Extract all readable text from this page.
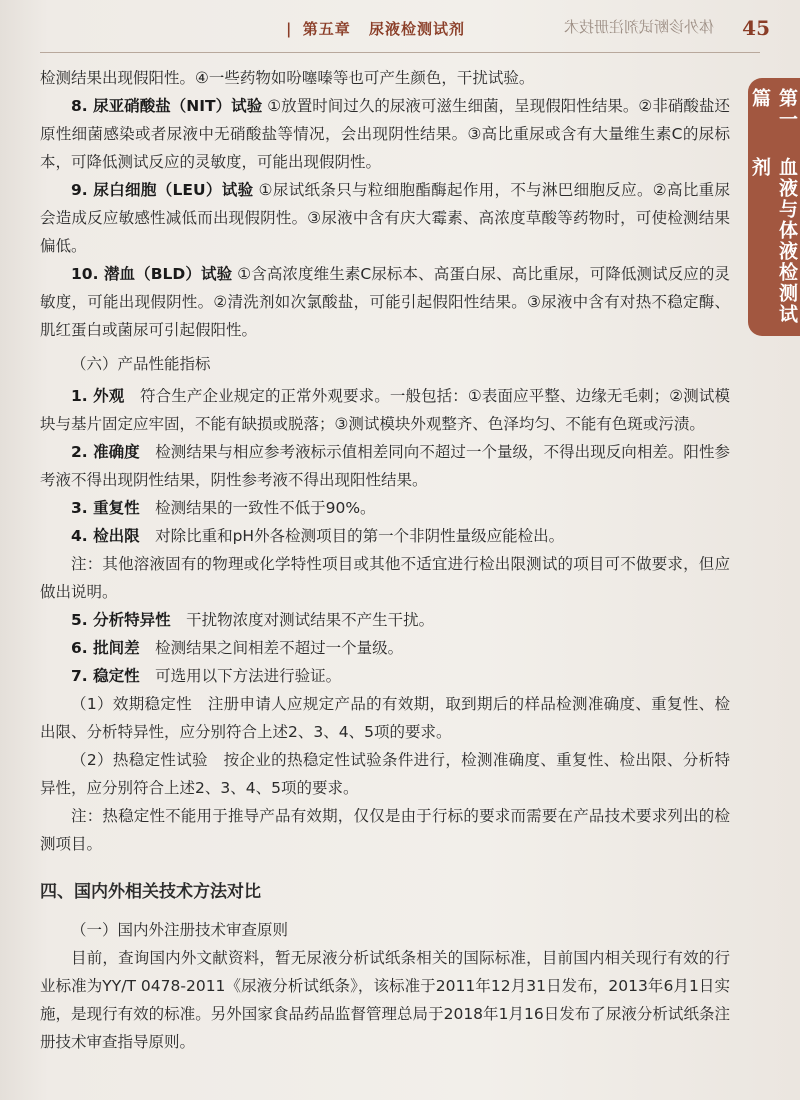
| 第五章 尿液检测试剂	体外诊断试剂注册技术 45
第一篇
血液与体液检测试剂

检测结果出现假阳性。④一些药物如吩噻嗪等也可产生颜色，干扰试验。

8. 尿亚硝酸盐（NIT）试验 ①放置时间过久的尿液可滋生细菌，呈现假阳性结果。②非硝酸盐还原性细菌感染或者尿液中无硝酸盐等情况，会出现阴性结果。③高比重尿或含有大量维生素C的尿标本，可降低测试反应的灵敏度，可能出现假阴性。

9. 尿白细胞（LEU）试验 ①尿试纸条只与粒细胞酯酶起作用，不与淋巴细胞反应。②高比重尿会造成反应敏感性减低而出现假阴性。③尿液中含有庆大霉素、高浓度草酸等药物时，可使检测结果偏低。

10. 潜血（BLD）试验 ①含高浓度维生素C尿标本、高蛋白尿、高比重尿，可降低测试反应的灵敏度，可能出现假阴性。②清洗剂如次氯酸盐，可能引起假阳性结果。③尿液中含有对热不稳定酶、肌红蛋白或菌尿可引起假阳性。

（六）产品性能指标

1. 外观　 符合生产企业规定的正常外观要求。一般包括：①表面应平整、边缘无毛刺；②测试模块与基片固定应牢固，不能有缺损或脱落；③测试模块外观整齐、色泽均匀、不能有色斑或污渍。

2. 准确度　 检测结果与相应参考液标示值相差同向不超过一个量级，不得出现反向相差。阳性参考液不得出现阴性结果，阴性参考液不得出现阳性结果。

3. 重复性　 检测结果的一致性不低于90%。

4. 检出限　 对除比重和pH外各检测项目的第一个非阴性量级应能检出。

注：其他溶液固有的物理或化学特性项目或其他不适宜进行检出限测试的项目可不做要求，但应做出说明。

5. 分析特异性　 干扰物浓度对测试结果不产生干扰。

6. 批间差　 检测结果之间相差不超过一个量级。

7. 稳定性　 可选用以下方法进行验证。

（1）效期稳定性　注册申请人应规定产品的有效期，取到期后的样品检测准确度、重复性、检出限、分析特异性，应分别符合上述2、3、4、5项的要求。

（2）热稳定性试验　按企业的热稳定性试验条件进行，检测准确度、重复性、检出限、分析特异性，应分别符合上述2、3、4、5项的要求。

注：热稳定性不能用于推导产品有效期，仅仅是由于行标的要求而需要在产品技术要求列出的检测项目。

四、国内外相关技术方法对比

（一）国内外注册技术审查原则

目前，查询国内外文献资料，暂无尿液分析试纸条相关的国际标准，目前国内相关现行有效的行业标准为YY/T 0478-2011《尿液分析试纸条》，该标准于2011年12月31日发布，2013年6月1日实施，是现行有效的标准。另外国家食品药品监督管理总局于2018年1月16日发布了尿液分析试纸条注册技术审查指导原则。
